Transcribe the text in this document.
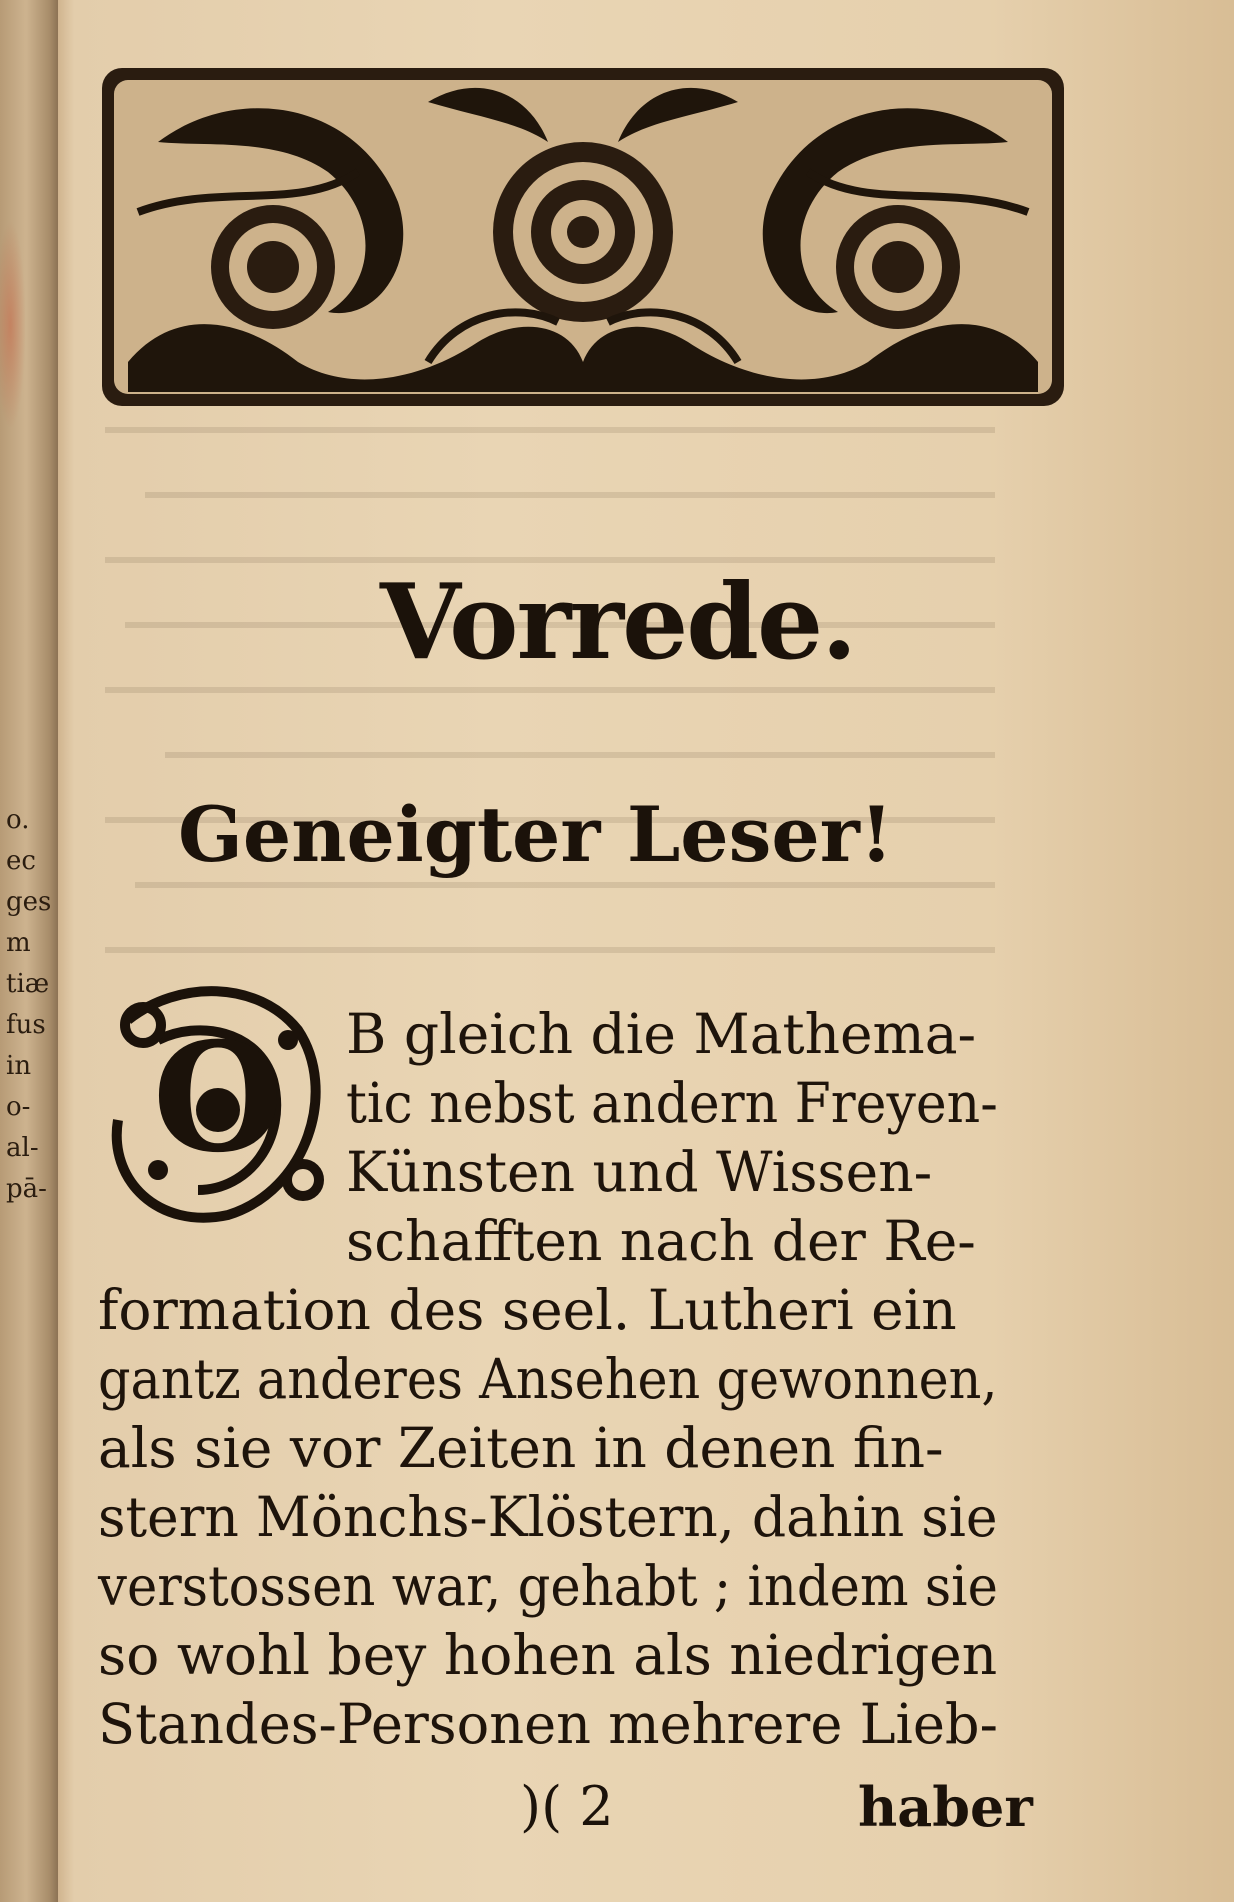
o.
ec
ges
m
tiæ
fus
in
o-
al-
pā-
Vorrede.
Geneigter Leser!
O B gleich die Mathema-
tic nebst andern Freyen-
Künsten und Wissen-
schafften nach der Re-
formation des seel. Lutheri ein
gantz anderes Ansehen gewonnen,
als sie vor Zeiten in denen fin-
stern Mönchs-Klöstern, dahin sie
verstossen war, gehabt ; indem sie
so wohl bey hohen als niedrigen
Standes-Personen mehrere Lieb-
)( 2	haber
